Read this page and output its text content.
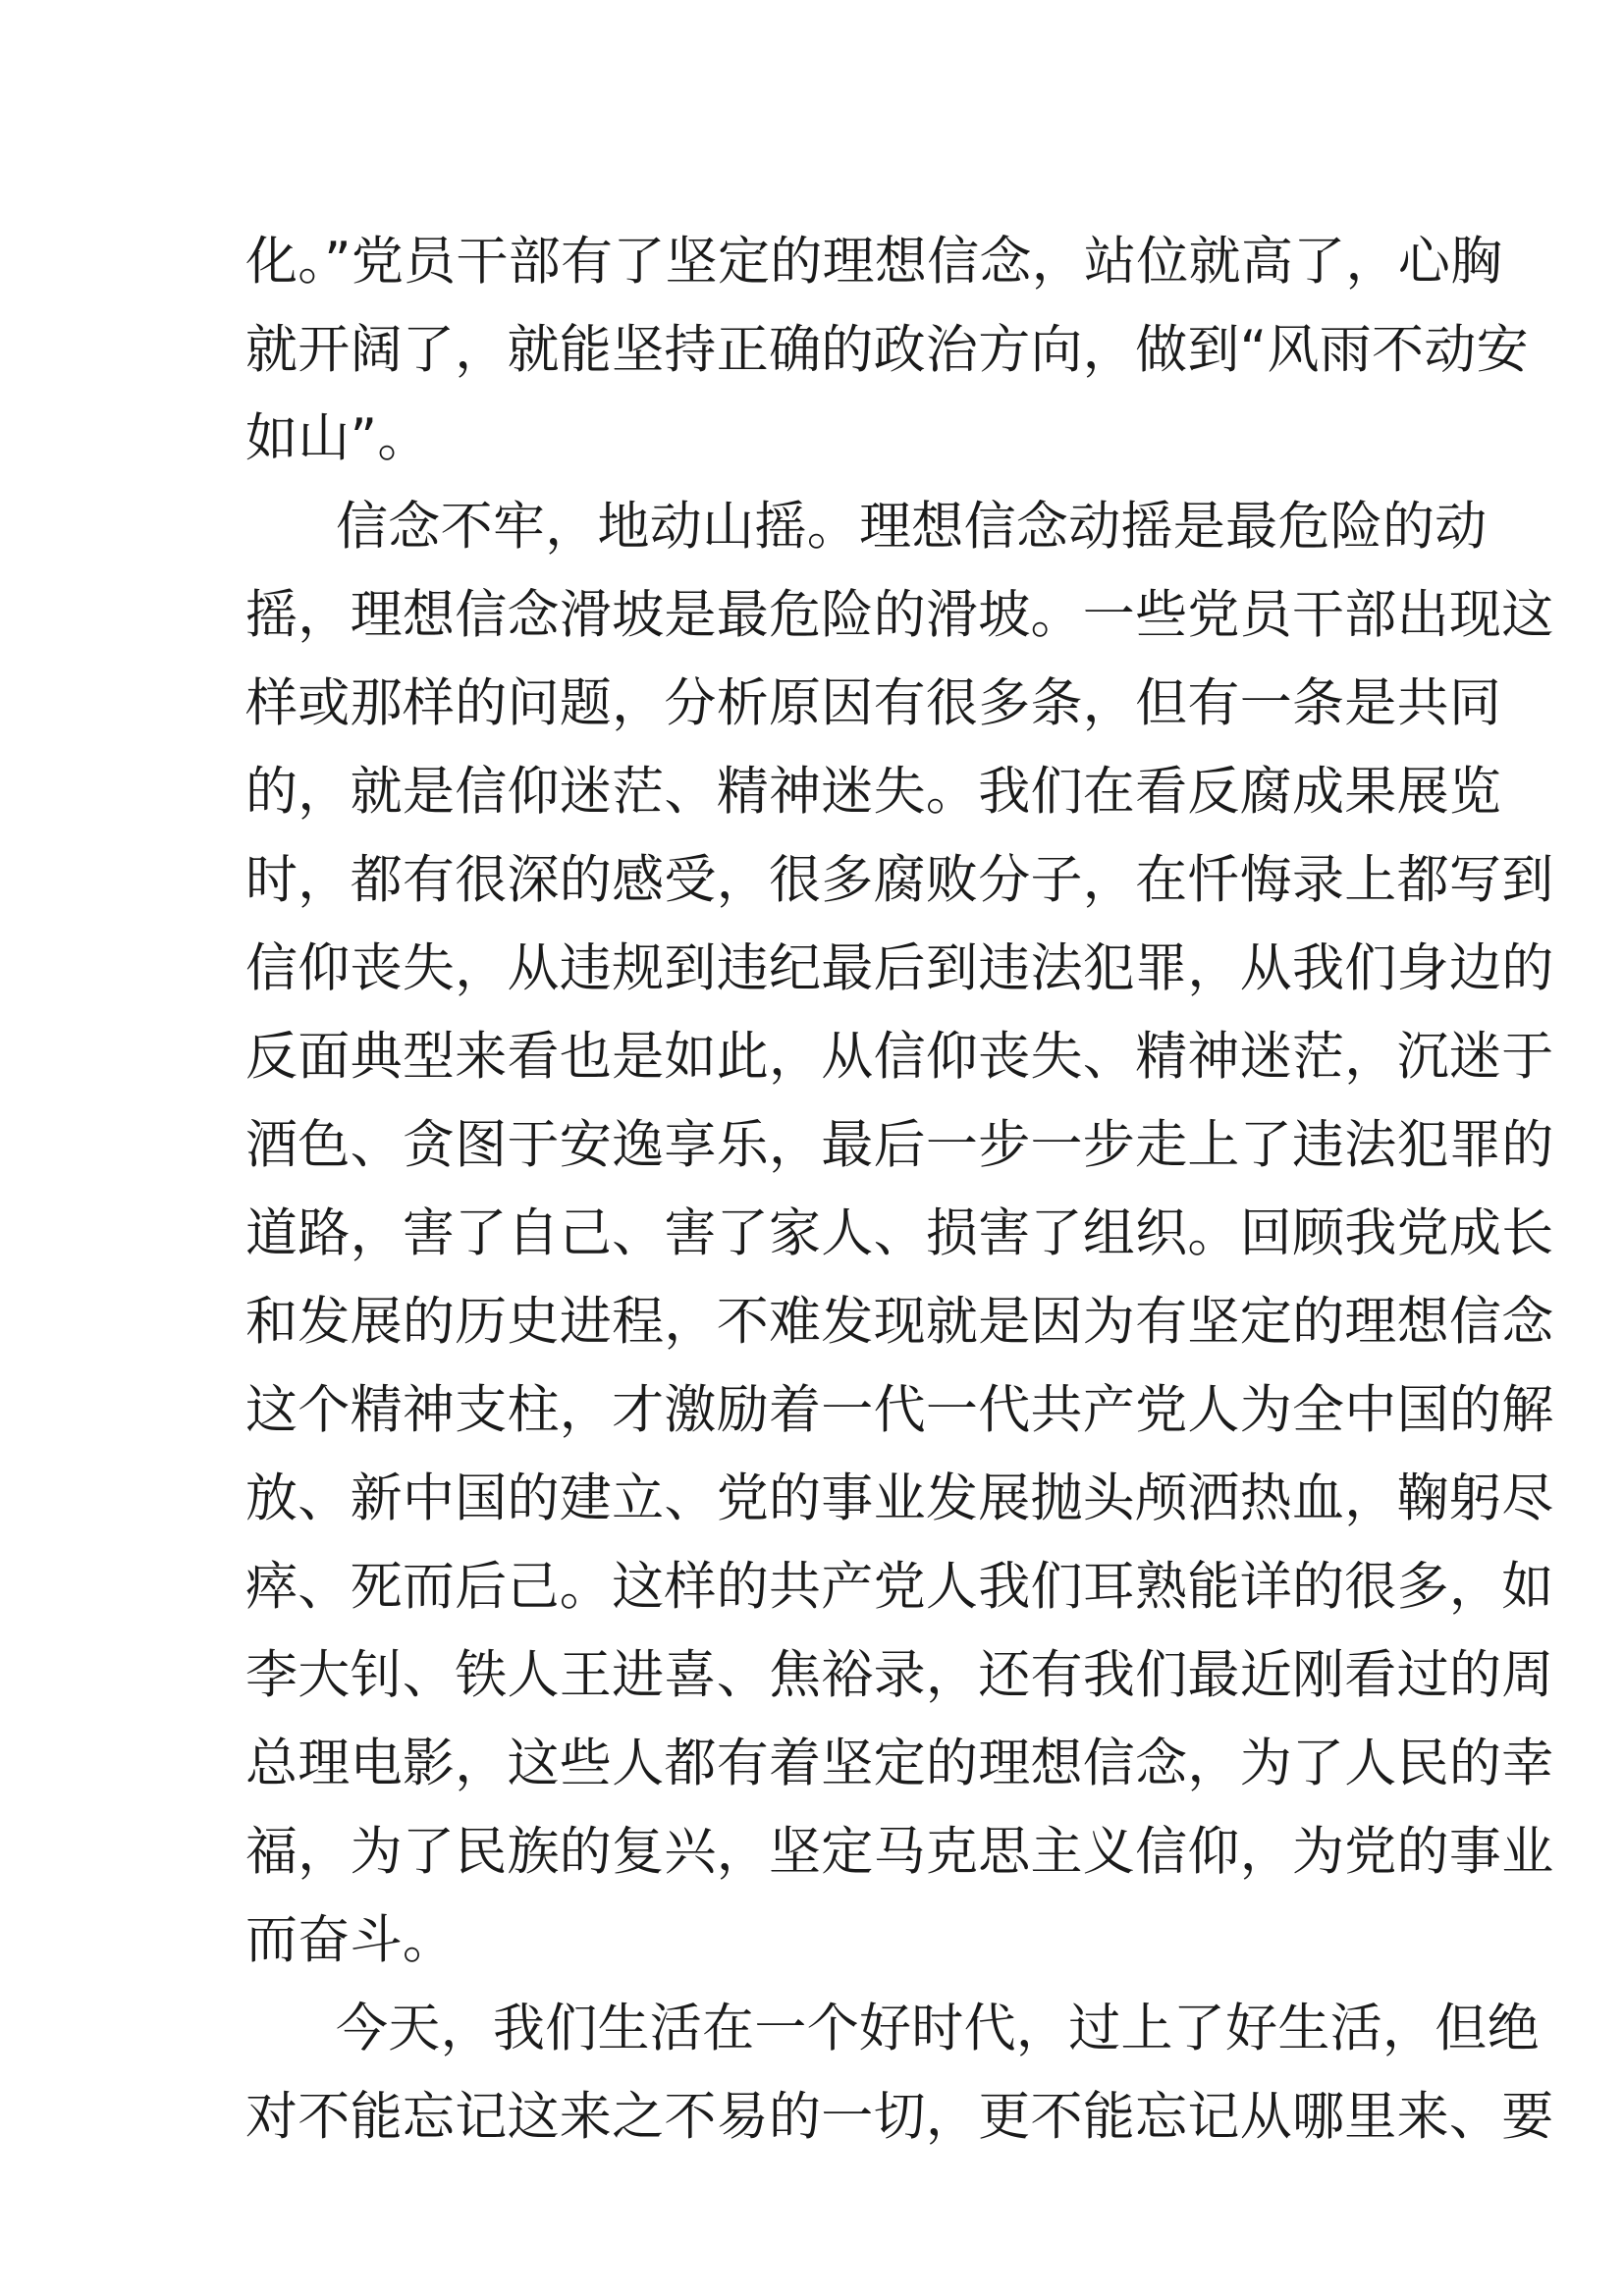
化。”党员干部有了坚定的理想信念，站位就高了，心胸
就开阔了，就能坚持正确的政治方向，做到“风雨不动安
如山”。
信念不牢，地动山摇。理想信念动摇是最危险的动
摇，理想信念滑坡是最危险的滑坡。一些党员干部出现这
样或那样的问题，分析原因有很多条，但有一条是共同
的，就是信仰迷茫、精神迷失。我们在看反腐成果展览
时，都有很深的感受，很多腐败分子，在忏悔录上都写到
信仰丧失，从违规到违纪最后到违法犯罪，从我们身边的
反面典型来看也是如此，从信仰丧失、精神迷茫，沉迷于
酒色、贪图于安逸享乐，最后一步一步走上了违法犯罪的
道路，害了自己、害了家人、损害了组织。回顾我党成长
和发展的历史进程，不难发现就是因为有坚定的理想信念
这个精神支柱，才激励着一代一代共产党人为全中国的解
放、新中国的建立、党的事业发展抛头颅洒热血，鞠躬尽
瘁、死而后己。这样的共产党人我们耳熟能详的很多，如
李大钊、铁人王进喜、焦裕录，还有我们最近刚看过的周
总理电影，这些人都有着坚定的理想信念，为了人民的幸
福，为了民族的复兴，坚定马克思主义信仰，为党的事业
而奋斗。
今天，我们生活在一个好时代，过上了好生活，但绝
对不能忘记这来之不易的一切，更不能忘记从哪里来、要
